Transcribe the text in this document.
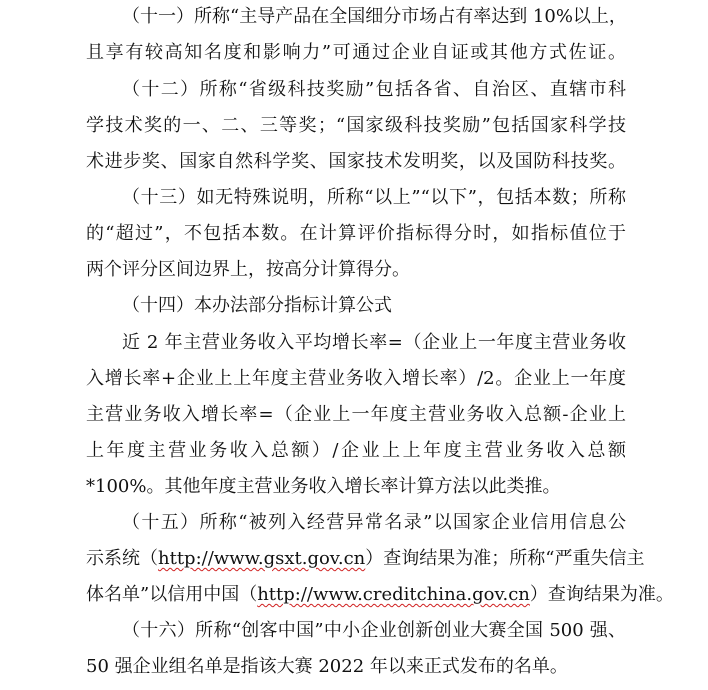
（十一）所称“主导产品在全国细分市场占有率达到 10%以上，
且享有较高知名度和影响力”可通过企业自证或其他方式佐证。
（十二）所称“省级科技奖励”包括各省、自治区、直辖市科
学技术奖的一、二、三等奖；“国家级科技奖励”包括国家科学技
术进步奖、国家自然科学奖、国家技术发明奖，以及国防科技奖。
（十三）如无特殊说明，所称“以上”“以下”，包括本数；所称
的“超过”，不包括本数。在计算评价指标得分时，如指标值位于
两个评分区间边界上，按高分计算得分。
（十四）本办法部分指标计算公式
近 2 年主营业务收入平均增长率=（企业上一年度主营业务收
入增长率+企业上上年度主营业务收入增长率）/2。企业上一年度
主营业务收入增长率=（企业上一年度主营业务收入总额-企业上
上年度主营业务收入总额）/企业上上年度主营业务收入总额
*100%。其他年度主营业务收入增长率计算方法以此类推。
（十五）所称“被列入经营异常名录”以国家企业信用信息公
示系统（http://www.gsxt.gov.cn）查询结果为准；所称“严重失信主
体名单”以信用中国（http://www.creditchina.gov.cn）查询结果为准。
（十六）所称“创客中国”中小企业创新创业大赛全国 500 强、
50 强企业组名单是指该大赛 2022 年以来正式发布的名单。
